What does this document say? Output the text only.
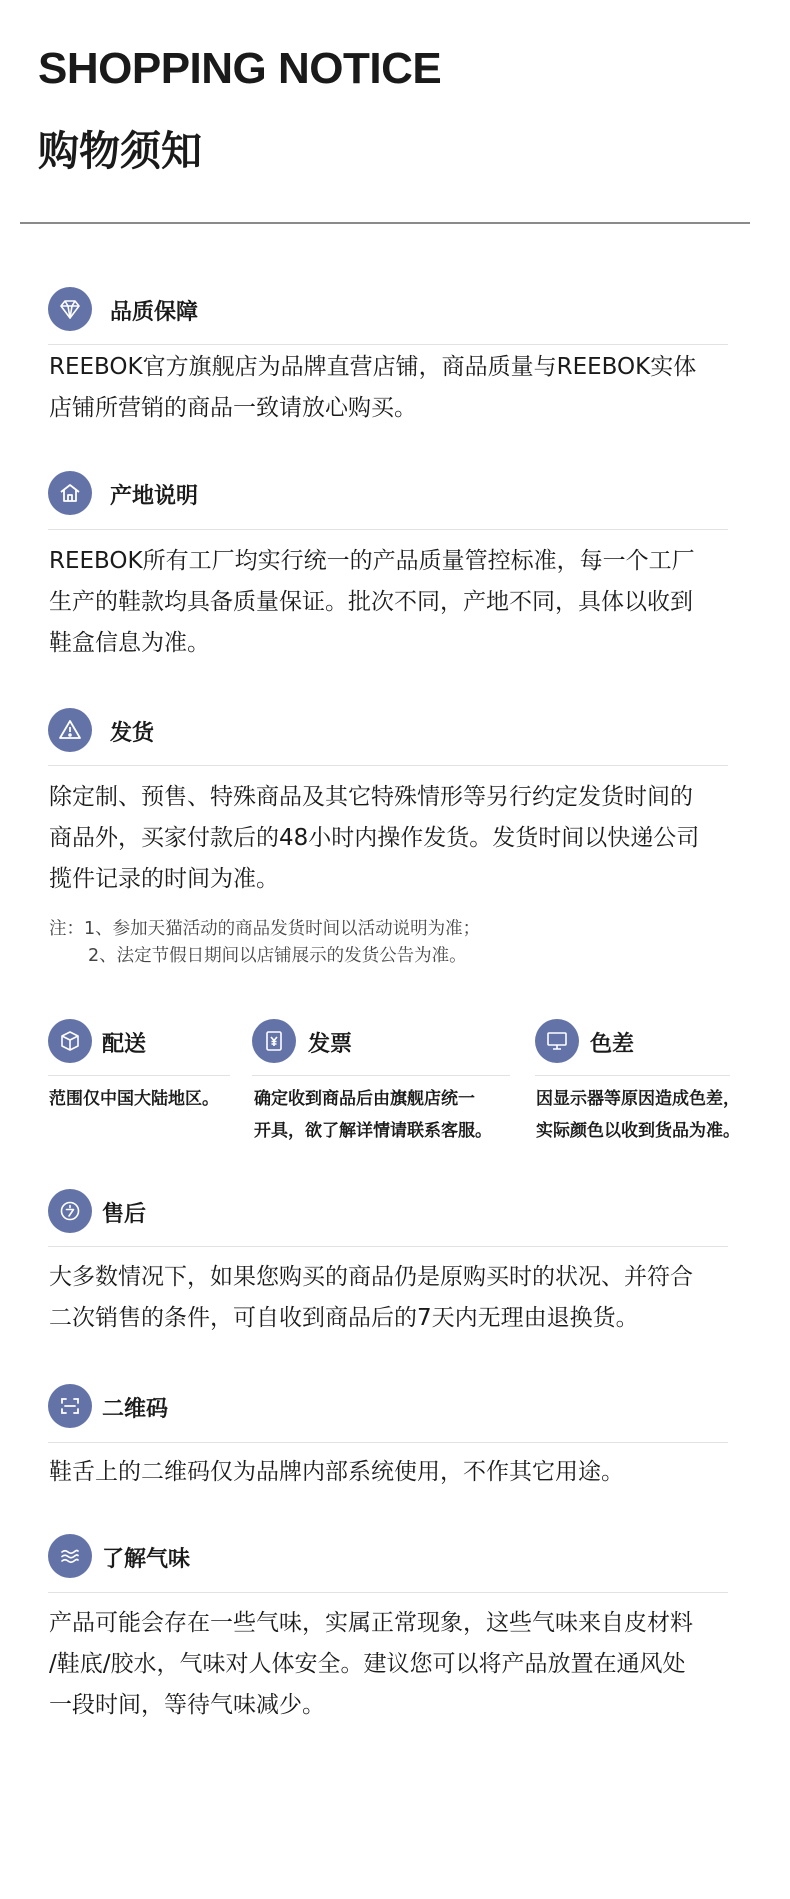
SHOPPING NOTICE
购物须知
品质保障
REEBOK官方旗舰店为品牌直营店铺，商品质量与REEBOK实体
店铺所营销的商品一致请放心购买。
产地说明
REEBOK所有工厂均实行统一的产品质量管控标准，每一个工厂
生产的鞋款均具备质量保证。批次不同，产地不同，具体以收到
鞋盒信息为准。
发货
除定制、预售、特殊商品及其它特殊情形等另行约定发货时间的
商品外，买家付款后的48小时内操作发货。发货时间以快递公司
揽件记录的时间为准。
注：1、参加天猫活动的商品发货时间以活动说明为准；
2、法定节假日期间以店铺展示的发货公告为准。
配送
范围仅中国大陆地区。
发票
确定收到商品后由旗舰店统一
开具，欲了解详情请联系客服。
色差
因显示器等原因造成色差，
实际颜色以收到货品为准。
售后
大多数情况下，如果您购买的商品仍是原购买时的状况、并符合
二次销售的条件，可自收到商品后的7天内无理由退换货。
二维码
鞋舌上的二维码仅为品牌内部系统使用，不作其它用途。
了解气味
产品可能会存在一些气味，实属正常现象，这些气味来自皮材料
/鞋底/胶水，气味对人体安全。建议您可以将产品放置在通风处
一段时间，等待气味减少。
